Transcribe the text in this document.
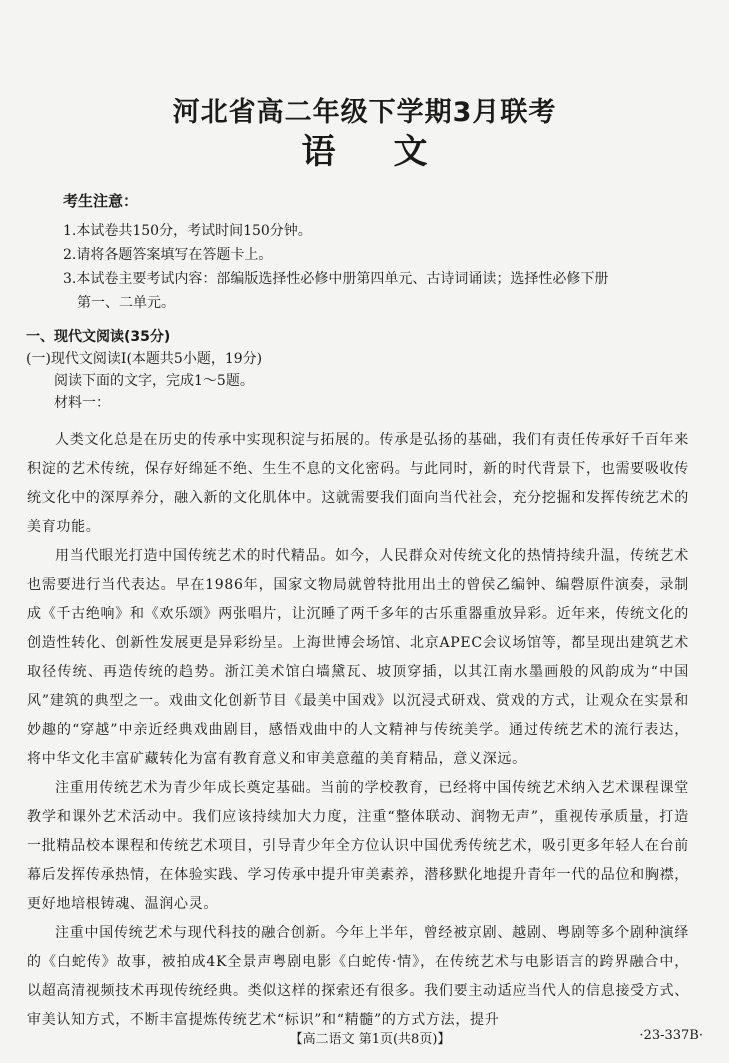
河北省高二年级下学期3月联考
语文
考生注意：
1.本试卷共150分，考试时间150分钟。
2.请将各题答案填写在答题卡上。
3.本试卷主要考试内容：部编版选择性必修中册第四单元、古诗词诵读；选择性必修下册
第一、二单元。
一、现代文阅读(35分)
(一)现代文阅读Ⅰ(本题共5小题，19分)
阅读下面的文字，完成1～5题。
材料一：

人类文化总是在历史的传承中实现积淀与拓展的。传承是弘扬的基础，我们有责任传承好千百年来积淀的艺术传统，保存好绵延不绝、生生不息的文化密码。与此同时，新的时代背景下，也需要吸收传统文化中的深厚养分，融入新的文化肌体中。这就需要我们面向当代社会，充分挖掘和发挥传统艺术的美育功能。

用当代眼光打造中国传统艺术的时代精品。如今，人民群众对传统文化的热情持续升温，传统艺术也需要进行当代表达。早在1986年，国家文物局就曾特批用出土的曾侯乙编钟、编磬原件演奏，录制成《千古绝响》和《欢乐颂》两张唱片，让沉睡了两千多年的古乐重器重放异彩。近年来，传统文化的创造性转化、创新性发展更是异彩纷呈。上海世博会场馆、北京APEC会议场馆等，都呈现出建筑艺术取径传统、再造传统的趋势。浙江美术馆白墙黛瓦、坡顶穿插，以其江南水墨画般的风韵成为“中国风”建筑的典型之一。戏曲文化创新节目《最美中国戏》以沉浸式研戏、赏戏的方式，让观众在实景和妙趣的“穿越”中亲近经典戏曲剧目，感悟戏曲中的人文精神与传统美学。通过传统艺术的流行表达，将中华文化丰富矿藏转化为富有教育意义和审美意蕴的美育精品，意义深远。

注重用传统艺术为青少年成长奠定基础。当前的学校教育，已经将中国传统艺术纳入艺术课程课堂教学和课外艺术活动中。我们应该持续加大力度，注重“整体联动、润物无声”，重视传承质量，打造一批精品校本课程和传统艺术项目，引导青少年全方位认识中国优秀传统艺术，吸引更多年轻人在台前幕后发挥传承热情，在体验实践、学习传承中提升审美素养，潜移默化地提升青年一代的品位和胸襟，更好地培根铸魂、温润心灵。

注重中国传统艺术与现代科技的融合创新。今年上半年，曾经被京剧、越剧、粤剧等多个剧种演绎的《白蛇传》故事，被拍成4K全景声粤剧电影《白蛇传·情》，在传统艺术与电影语言的跨界融合中，以超高清视频技术再现传统经典。类似这样的探索还有很多。我们要主动适应当代人的信息接受方式、审美认知方式，不断丰富提炼传统艺术“标识”和“精髓”的方式方法，提升

【高二语文 第1页(共8页)】	·23-337B·
